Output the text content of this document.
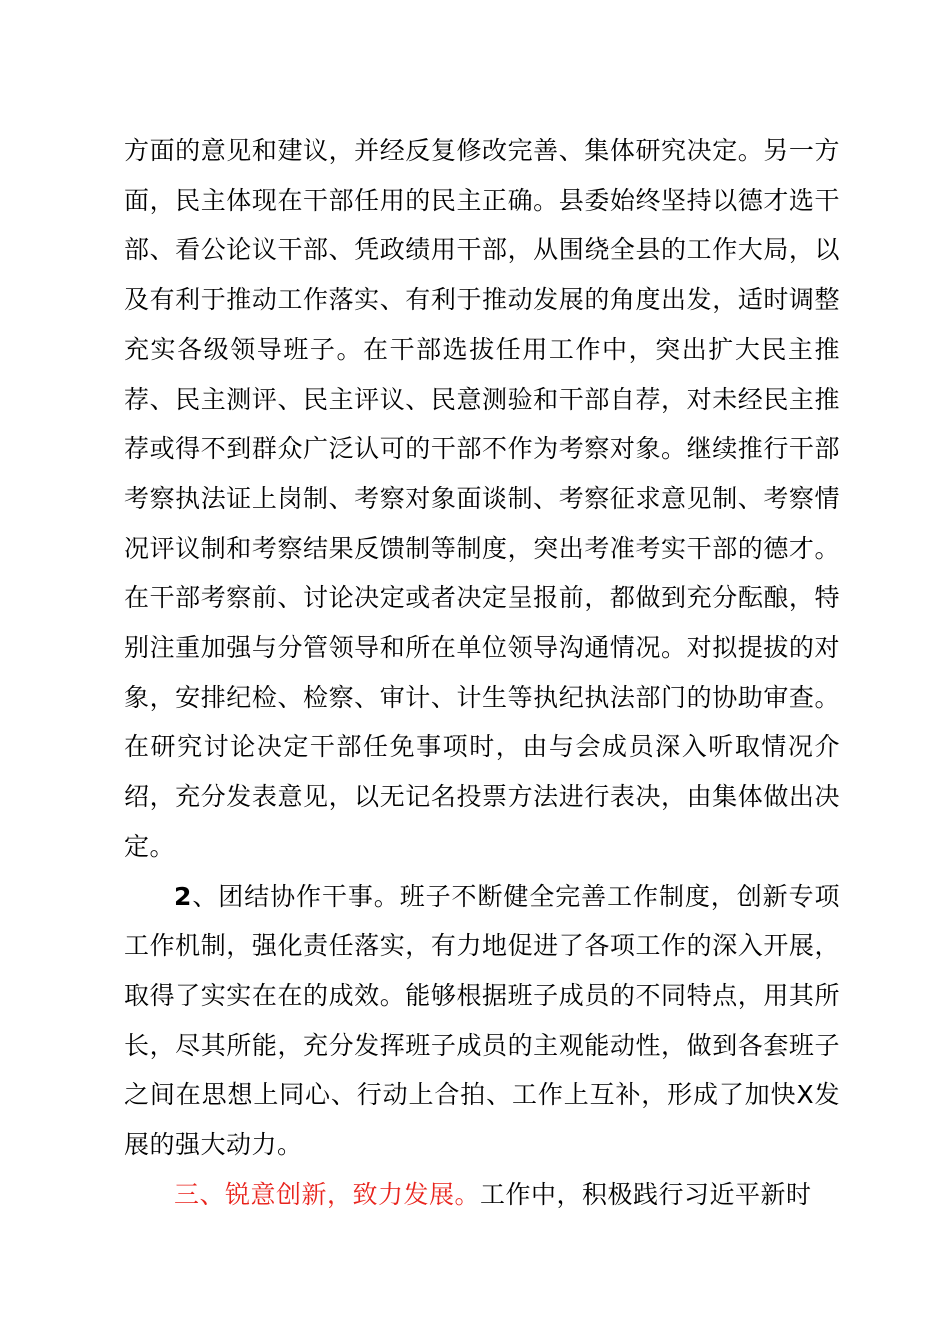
方面的意见和建议，并经反复修改完善、集体研究决定。另一方面，民主体现在干部任用的民主正确。县委始终坚持以德才选干部、看公论议干部、凭政绩用干部，从围绕全县的工作大局，以及有利于推动工作落实、有利于推动发展的角度出发，适时调整充实各级领导班子。在干部选拔任用工作中，突出扩大民主推荐、民主测评、民主评议、民意测验和干部自荐，对未经民主推荐或得不到群众广泛认可的干部不作为考察对象。继续推行干部考察执法证上岗制、考察对象面谈制、考察征求意见制、考察情况评议制和考察结果反馈制等制度，突出考准考实干部的德才。在干部考察前、讨论决定或者决定呈报前，都做到充分酝酿，特别注重加强与分管领导和所在单位领导沟通情况。对拟提拔的对象，安排纪检、检察、审计、计生等执纪执法部门的协助审查。在研究讨论决定干部任免事项时，由与会成员深入听取情况介绍，充分发表意见，以无记名投票方法进行表决，由集体做出决定。

2、团结协作干事。班子不断健全完善工作制度，创新专项工作机制，强化责任落实，有力地促进了各项工作的深入开展，取得了实实在在的成效。能够根据班子成员的不同特点，用其所长，尽其所能，充分发挥班子成员的主观能动性，做到各套班子之间在思想上同心、行动上合拍、工作上互补，形成了加快X发展的强大动力。

三、锐意创新，致力发展。工作中，积极践行习近平新时
